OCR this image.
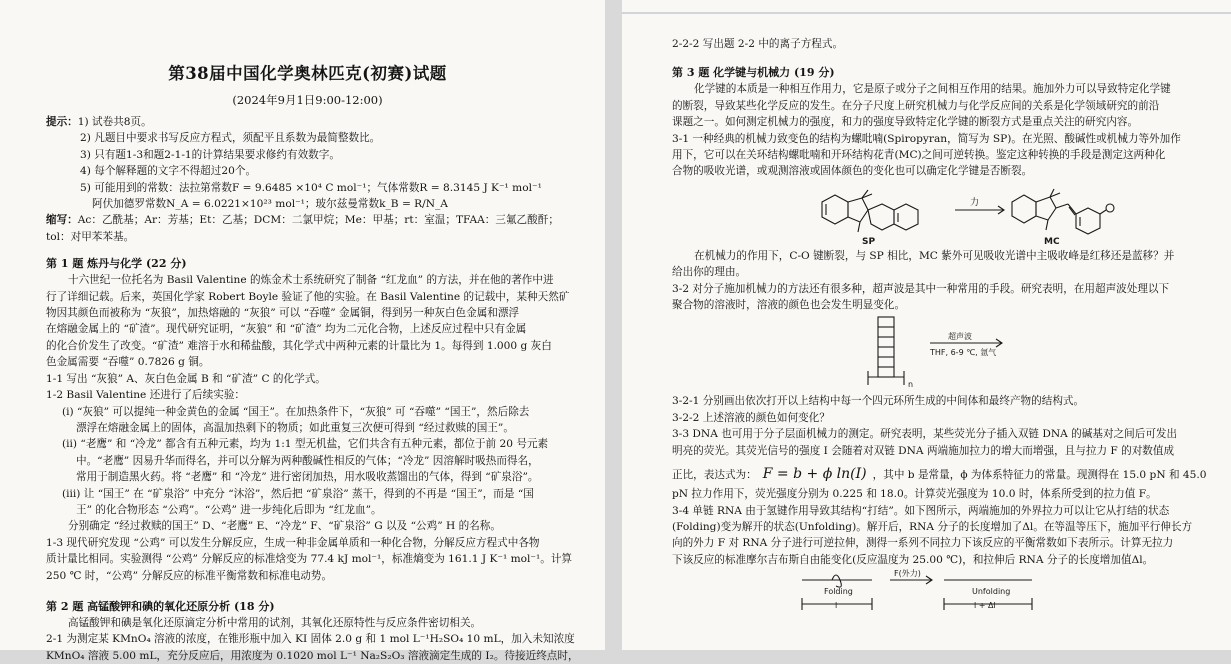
第38届中国化学奥林匹克(初赛)试题
(2024年9月1日9:00-12:00)
提示：1) 试卷共8页。
2) 凡题目中要求书写反应方程式，须配平且系数为最简整数比。
3) 只有题1-3和题2-1-1的计算结果要求修约有效数字。
4) 每个解释题的文字不得超过20个。
5) 可能用到的常数：法拉第常数F = 9.6485 ×10⁴ C mol⁻¹；气体常数R = 8.3145 J K⁻¹ mol⁻¹
阿伏加德罗常数N_A = 6.0221×10²³ mol⁻¹；玻尔兹曼常数k_B = R/N_A
缩写：Ac：乙酰基；Ar：芳基；Et：乙基；DCM：二氯甲烷；Me：甲基；rt：室温；TFAA：三氟乙酸酐；
tol：对甲苯苯基。
第 1 题 炼丹与化学 (22 分)
十六世纪一位托名为 Basil Valentine 的炼金术士系统研究了制备 “红龙血” 的方法，并在他的著作中进
行了详细记载。后来，英国化学家 Robert Boyle 验证了他的实验。在 Basil Valentine 的记载中，某种天然矿
物因其颜色而被称为 “灰狼”，加热熔融的 “灰狼” 可以 “吞噬” 金属铜，得到另一种灰白色金属和漂浮
在熔融金属上的 “矿渣”。现代研究证明，“灰狼” 和 “矿渣” 均为二元化合物，上述反应过程中只有金属
的化合价发生了改变。“矿渣” 难溶于水和稀盐酸，其化学式中两种元素的计量比为 1。每得到 1.000 g 灰白
色金属需要 “吞噬” 0.7826 g 铜。
1-1 写出 “灰狼” A、灰白色金属 B 和 “矿渣” C 的化学式。
1-2 Basil Valentine 还进行了后续实验：
(i) “灰狼” 可以提纯一种金黄色的金属 “国王”。在加热条件下，“灰狼” 可 “吞噬” “国王”，然后除去
漂浮在熔融金属上的固体，高温加热剩下的物质；如此重复三次便可得到 “经过救赎的国王”。
(ii) “老鹰” 和 “冷龙” 都含有五种元素，均为 1:1 型无机盐，它们共含有五种元素，都位于前 20 号元素
中。“老鹰” 因易升华而得名，并可以分解为两种酸碱性相反的气体；“冷龙” 因溶解时吸热而得名，
常用于制造黑火药。将 “老鹰” 和 “冷龙” 进行密闭加热，用水吸收蒸馏出的气体，得到 “矿泉浴”。
(iii) 让 “国王” 在 “矿泉浴” 中充分 “沐浴”，然后把 “矿泉浴” 蒸干，得到的不再是 “国王”，而是 “国
王” 的化合物形态 “公鸡”。“公鸡” 进一步纯化后即为 “红龙血”。
分别确定 “经过救赎的国王” D、“老鹰” E、“冷龙” F、“矿泉浴” G 以及 “公鸡” H 的名称。
1-3 现代研究发现 “公鸡” 可以发生分解反应，生成一种非金属单质和一种化合物，分解反应方程式中各物
质计量比相同。实验测得 “公鸡” 分解反应的标准焓变为 77.4 kJ mol⁻¹，标准熵变为 161.1 J K⁻¹ mol⁻¹。计算
250 ℃ 时，“公鸡” 分解反应的标准平衡常数和标准电动势。
第 2 题 高锰酸钾和碘的氧化还原分析 (18 分)
高锰酸钾和碘是氧化还原滴定分析中常用的试剂，其氧化还原特性与反应条件密切相关。
2-1 为测定某 KMnO₄ 溶液的浓度，在锥形瓶中加入 KI 固体 2.0 g 和 1 mol L⁻¹H₂SO₄ 10 mL，加入未知浓度
KMnO₄ 溶液 5.00 mL，充分反应后，用浓度为 0.1020 mol L⁻¹ Na₂S₂O₃ 溶液滴定生成的 I₂。待接近终点时，
2-2-2 写出题 2-2 中的离子方程式。
第 3 题 化学键与机械力 (19 分)
化学键的本质是一种相互作用力，它是原子或分子之间相互作用的结果。施加外力可以导致特定化学键
的断裂，导致某些化学反应的发生。在分子尺度上研究机械力与化学反应间的关系是化学领域研究的前沿
课题之一。如何测定机械力的强度，和力的强度导致特定化学键的断裂方式是重点关注的研究内容。
3-1 一种经典的机械力致变色的结构为螺吡喃(Spiropyran，简写为 SP)。在光照、酸碱性或机械力等外加作
用下，它可以在关环结构螺吡喃和开环结构花青(MC)之间可逆转换。鉴定这种转换的手段是测定这两种化
合物的吸收光谱，或观测溶液或固体颜色的变化也可以确定化学键是否断裂。
力
SP	MC
在机械力的作用下，C-O 键断裂，与 SP 相比，MC 紫外可见吸收光谱中主吸收峰是红移还是蓝移？并
给出你的理由。
3-2 对分子施加机械力的方法还有很多种，超声波是其中一种常用的手段。研究表明，在用超声波处理以下
聚合物的溶液时，溶液的颜色也会发生明显变化。
n
超声波
THF, 6-9 ℃, 氩气
3-2-1 分别画出依次打开以上结构中每一个四元环所生成的中间体和最终产物的结构式。
3-2-2 上述溶液的颜色如何变化？
3-3 DNA 也可用于分子层面机械力的测定。研究表明，某些荧光分子插入双链 DNA 的碱基对之间后可发出
明亮的荧光。其荧光信号的强度 I 会随着对双链 DNA 两端施加拉力的增大而增强，且与拉力 F 的对数值成
正比，表达式为： F = b + ϕ ln(I) ，其中 b 是常量，ϕ 为体系特征力的常量。现测得在 15.0 pN 和 45.0
pN 拉力作用下，荧光强度分别为 0.225 和 18.0。计算荧光强度为 10.0 时，体系所受到的拉力值 F。
3-4 单链 RNA 由于氢键作用导致其结构“打结”。如下图所示，两端施加的外界拉力可以让它从打结的状态
(Folding)变为解开的状态(Unfolding)。解开后，RNA 分子的长度增加了Δl。在等温等压下，施加平行伸长方
向的外力 F 对 RNA 分子进行可逆拉伸，测得一系列不同拉力下该反应的平衡常数如下表所示。计算无拉力
下该反应的标准摩尔吉布斯自由能变化(反应温度为 25.00 ℃)，和拉伸后 RNA 分子的长度增加值Δl。
F(外力)
Folding	Unfolding
l	l + Δl
